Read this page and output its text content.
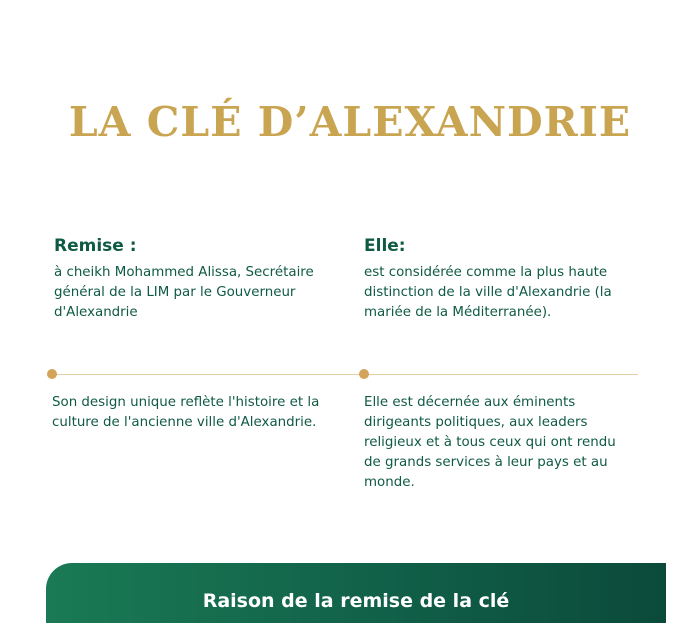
LA CLÉ D’ALEXANDRIE
Remise :

à cheikh Mohammed Alissa, Secrétaire général de la LIM par le Gouverneur d'Alexandrie

Elle:

est considérée comme la plus haute distinction de la ville d'Alexandrie (la mariée de la Méditerranée).

Son design unique reflète l'histoire et la culture de l'ancienne ville d'Alexandrie.

Elle est décernée aux éminents dirigeants politiques, aux leaders religieux et à tous ceux qui ont rendu de grands services à leur pays et au monde.

Raison de la remise de la clé
